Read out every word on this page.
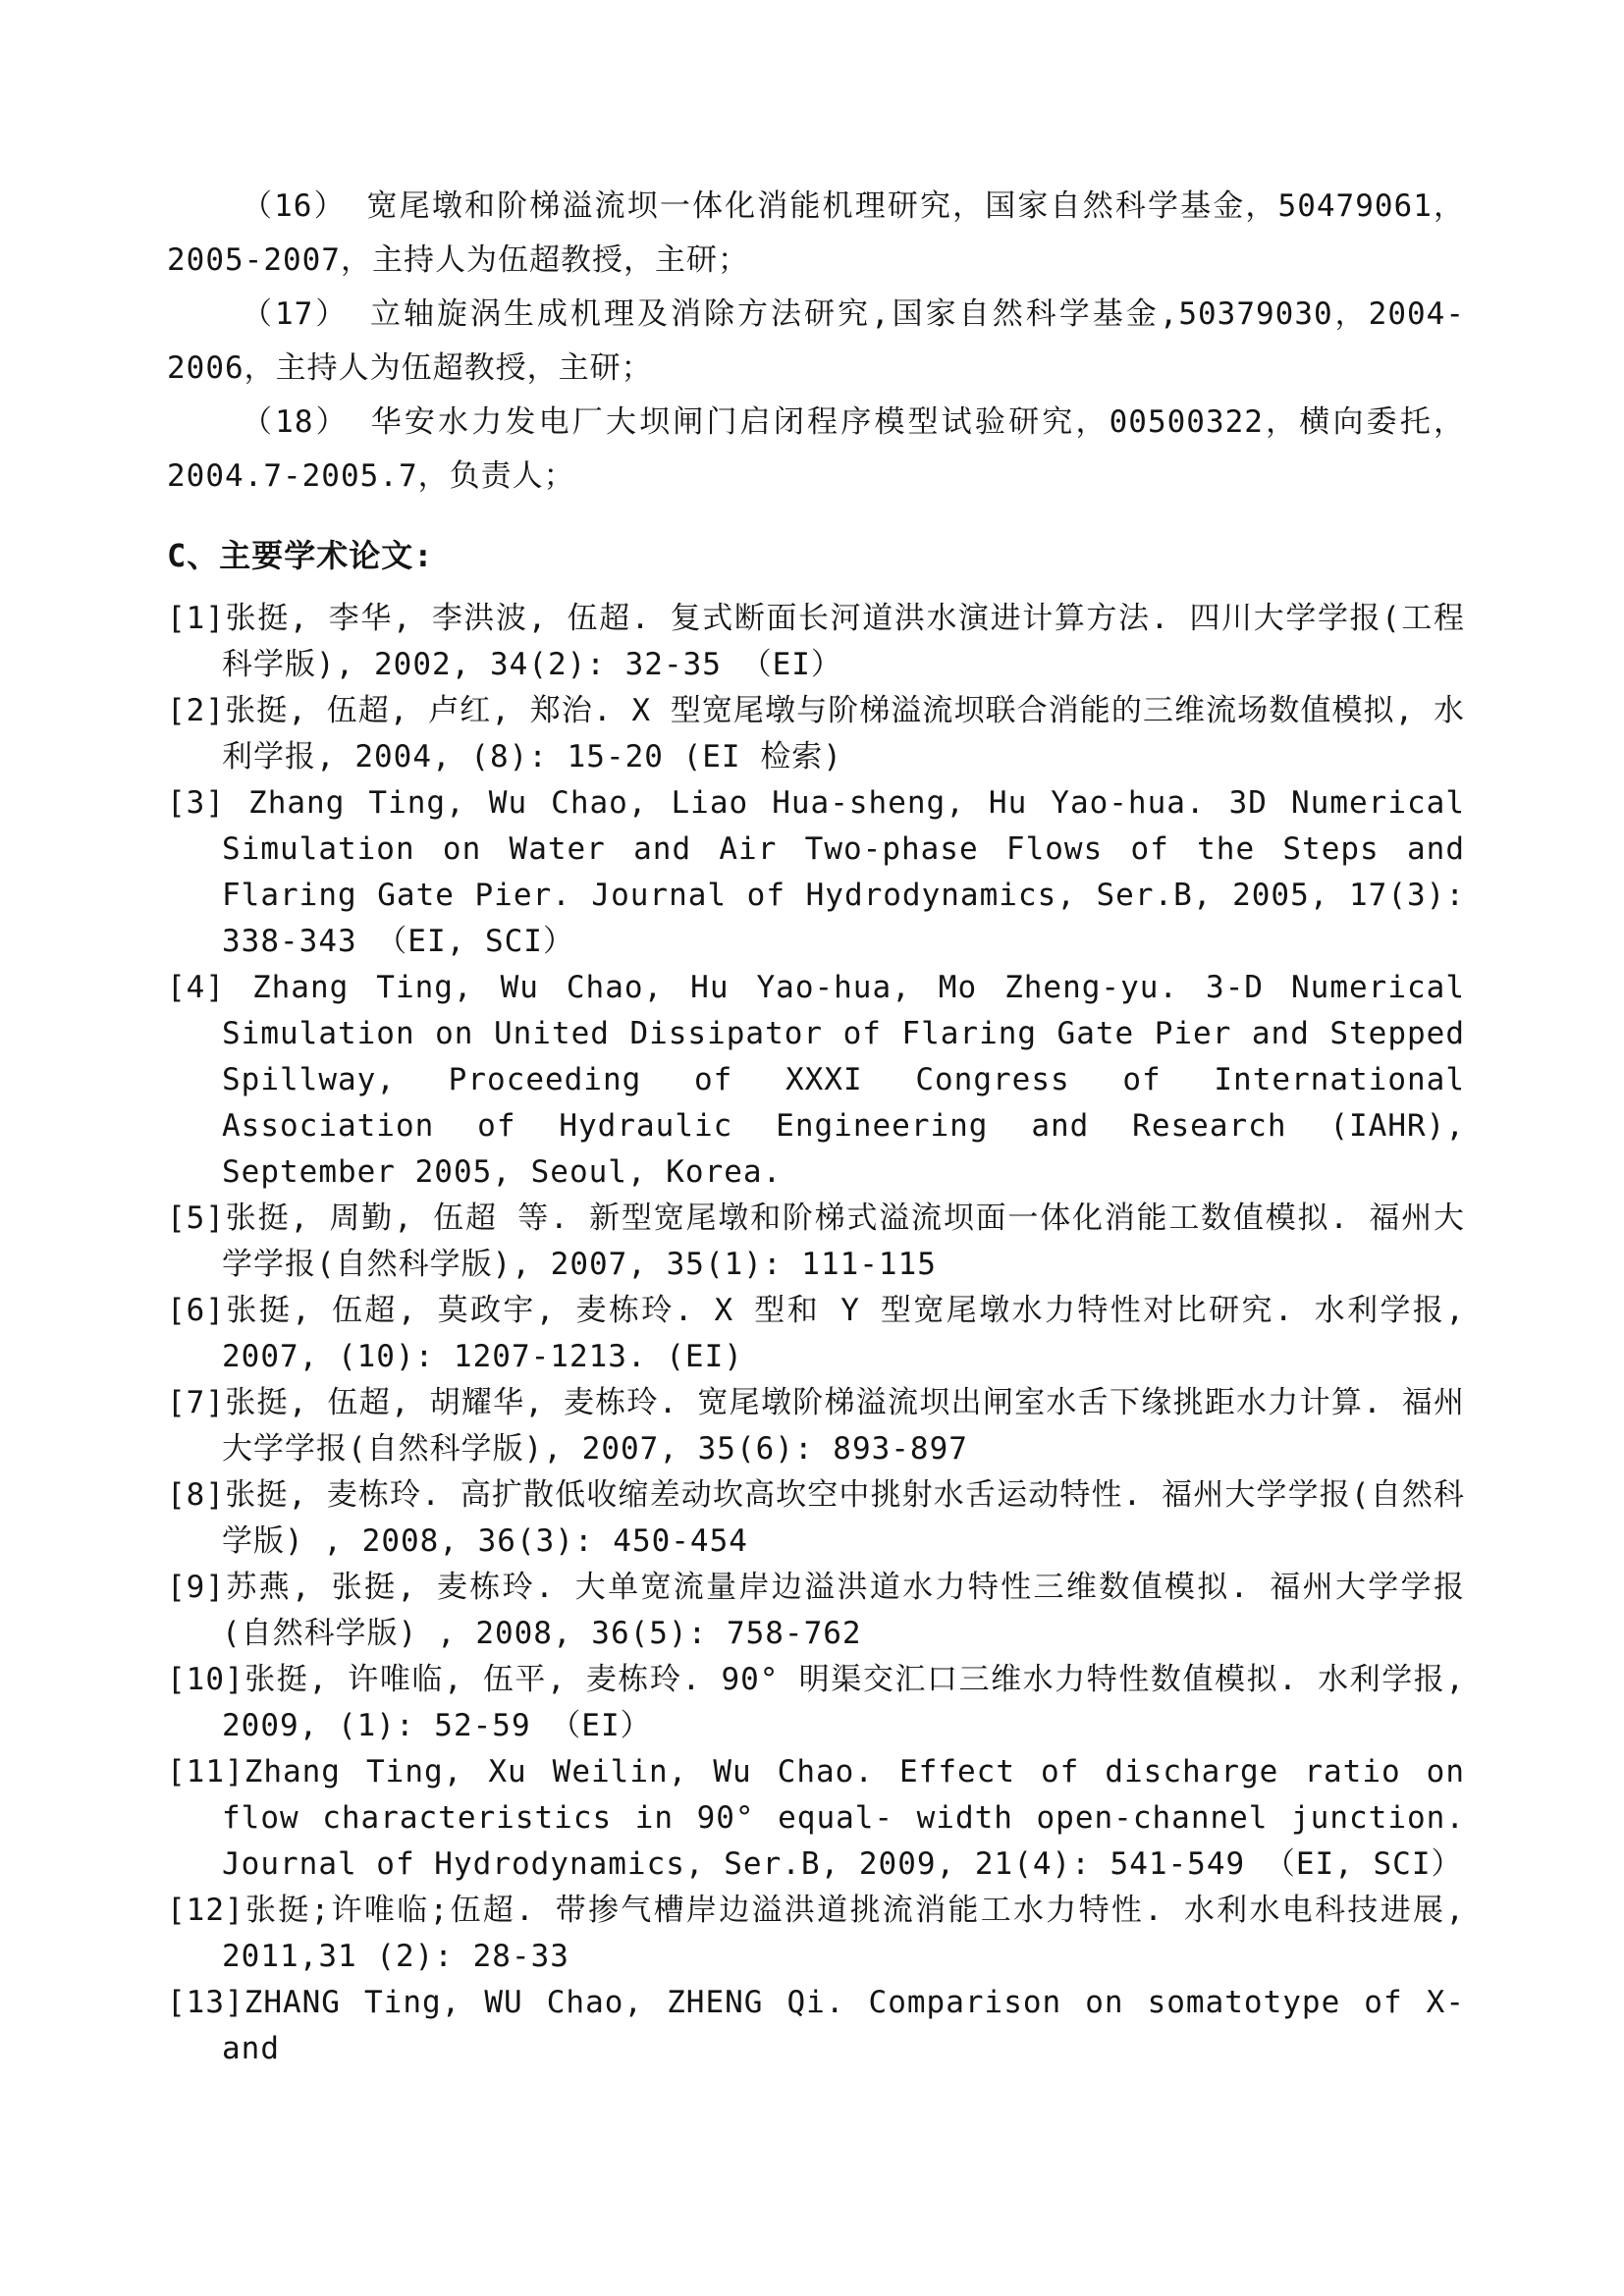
（16） 宽尾墩和阶梯溢流坝一体化消能机理研究，国家自然科学基金，50479061，2005-2007，主持人为伍超教授，主研；

（17） 立轴旋涡生成机理及消除方法研究,国家自然科学基金,50379030，2004-2006，主持人为伍超教授，主研；

（18） 华安水力发电厂大坝闸门启闭程序模型试验研究，00500322，横向委托，2004.7-2005.7，负责人；

C、主要学术论文:

[1]张挺, 李华, 李洪波, 伍超. 复式断面长河道洪水演进计算方法. 四川大学学报(工程科学版), 2002, 34(2): 32-35 （EI）

[2]张挺, 伍超, 卢红, 郑治. X 型宽尾墩与阶梯溢流坝联合消能的三维流场数值模拟, 水利学报, 2004, (8): 15-20 (EI 检索)

[3] Zhang Ting, Wu Chao, Liao Hua-sheng, Hu Yao-hua. 3D Numerical Simulation on Water and Air Two-phase Flows of the Steps and Flaring Gate Pier. Journal of Hydrodynamics, Ser.B, 2005, 17(3): 338-343 （EI, SCI）

[4] Zhang Ting, Wu Chao, Hu Yao-hua, Mo Zheng-yu. 3-D Numerical Simulation on United Dissipator of Flaring Gate Pier and Stepped Spillway, Proceeding of XXXI Congress of International Association of Hydraulic Engineering and Research (IAHR), September 2005, Seoul, Korea.

[5]张挺, 周勤, 伍超 等. 新型宽尾墩和阶梯式溢流坝面一体化消能工数值模拟. 福州大学学报(自然科学版), 2007, 35(1): 111-115

[6]张挺, 伍超, 莫政宇, 麦栋玲. X 型和 Y 型宽尾墩水力特性对比研究. 水利学报, 2007, (10): 1207-1213. (EI)

[7]张挺, 伍超, 胡耀华, 麦栋玲. 宽尾墩阶梯溢流坝出闸室水舌下缘挑距水力计算. 福州大学学报(自然科学版), 2007, 35(6): 893-897

[8]张挺, 麦栋玲. 高扩散低收缩差动坎高坎空中挑射水舌运动特性. 福州大学学报(自然科学版) , 2008, 36(3): 450-454

[9]苏燕, 张挺, 麦栋玲. 大单宽流量岸边溢洪道水力特性三维数值模拟. 福州大学学报(自然科学版) , 2008, 36(5): 758-762

[10]张挺, 许唯临, 伍平, 麦栋玲. 90° 明渠交汇口三维水力特性数值模拟. 水利学报, 2009, (1): 52-59 （EI）

[11]Zhang Ting, Xu Weilin, Wu Chao. Effect of discharge ratio on flow characteristics in 90° equal- width open-channel junction. Journal of Hydrodynamics, Ser.B, 2009, 21(4): 541-549 （EI, SCI）

[12]张挺;许唯临;伍超. 带掺气槽岸边溢洪道挑流消能工水力特性. 水利水电科技进展, 2011,31 (2): 28-33

[13]ZHANG Ting, WU Chao, ZHENG Qi. Comparison on somatotype of X- and
